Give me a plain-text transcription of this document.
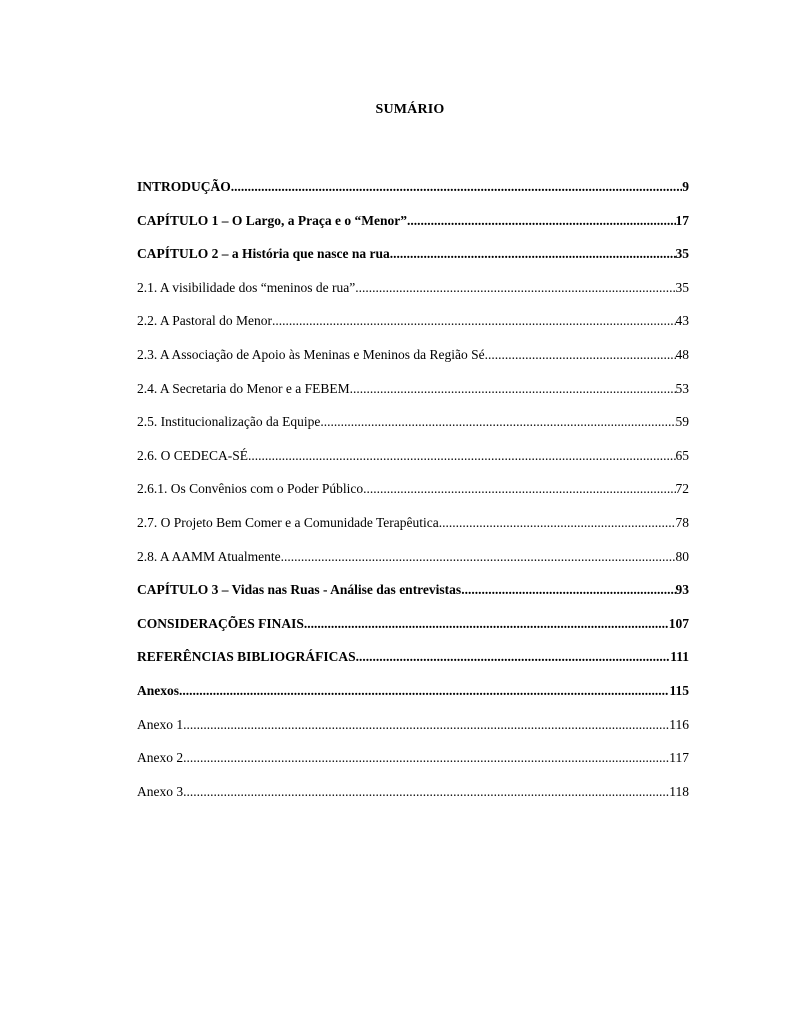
SUMÁRIO
INTRODUÇÃO .....	9
CAPÍTULO 1 – O Largo, a Praça e o “Menor” .....	17
CAPÍTULO 2 – a História que nasce na rua .....	35
2.1. A visibilidade dos “meninos de rua” .....	35
2.2. A Pastoral do Menor .....	43
2.3. A Associação de Apoio às Meninas e Meninos da Região Sé .....	48
2.4. A Secretaria do Menor e a FEBEM .....	53
2.5. Institucionalização da Equipe .....	59
2.6. O CEDECA-SÉ .....	65
2.6.1. Os Convênios com o Poder Público .....	72
2.7. O Projeto Bem Comer e a Comunidade Terapêutica .....	78
2.8. A AAMM Atualmente .....	80
CAPÍTULO 3 – Vidas nas Ruas - Análise das entrevistas .....	93
CONSIDERAÇÕES FINAIS .....	107
REFERÊNCIAS BIBLIOGRÁFICAS .....	111
Anexos .....	115
Anexo 1 .....	116
Anexo 2 .....	117
Anexo 3 .....	118
